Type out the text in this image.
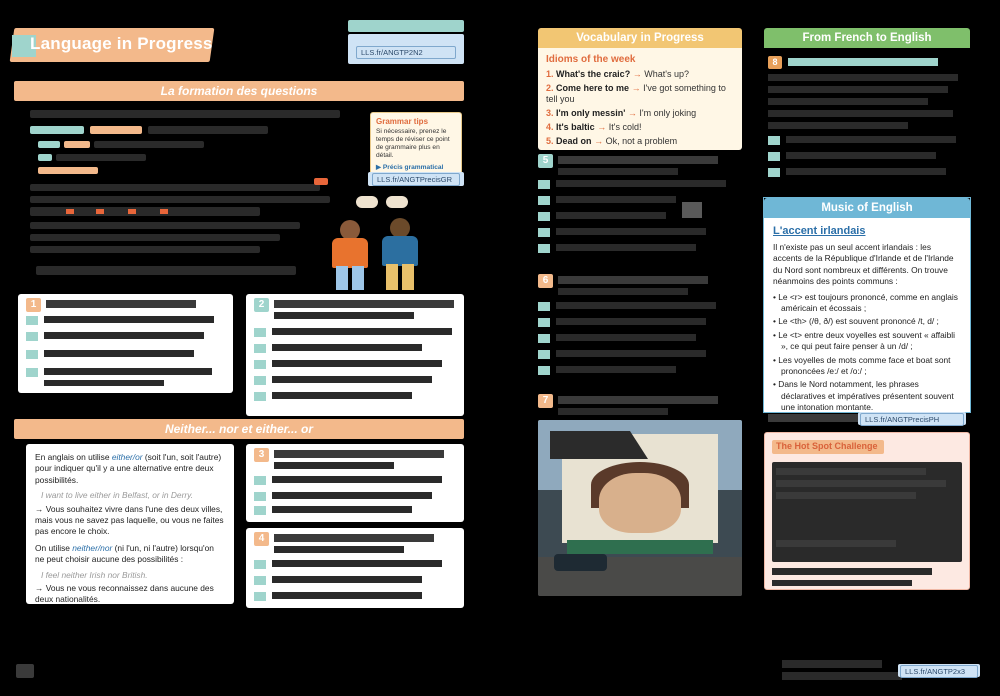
Language in Progress	LLS.fr/ANGTP2N2
La formation des questions
Grammar tips
Si nécessaire, prenez le temps de réviser ce point de grammaire plus en détail.
▶ Précis grammatical
LLS.fr/ANGTPrecisGR
1	2
Neither... nor et either... or
En anglais on utilise either/or (soit l'un, soit l'autre) pour indiquer qu'il y a une alternative entre deux possibilités.
I want to live either in Belfast, or in Derry.
→ Vous souhaitez vivre dans l'une des deux villes, mais vous ne savez pas laquelle, ou vous ne faites pas encore le choix.
On utilise neither/nor (ni l'un, ni l'autre) lorsqu'on ne peut choisir aucune des possibilités :
I feel neither Irish nor British.
→ Vous ne vous reconnaissez dans aucune des deux nationalités.
3
4
Vocabulary in Progress
Idioms of the week
1. What's the craic? → What's up?
2. Come here to me → I've got something to tell you
3. I'm only messin' → I'm only joking
4. It's baltic → It's cold!
5. Dead on → Ok, not a problem
5
6
7
From French to English
8
Music of English
L'accent irlandais
Il n'existe pas un seul accent irlandais : les accents de la République d'Irlande et de l'Irlande du Nord sont nombreux et différents. On trouve néanmoins des points communs :
• Le <r> est toujours prononcé, comme en anglais américain et écossais ;
• Le <th> (/θ, ð/) est souvent prononcé /t, d/ ;
• Le <t> entre deux voyelles est souvent « affaibli », ce qui peut faire penser à un /d/ ;
• Les voyelles de mots comme face et boat sont prononcées /e:/ et /o:/ ;
• Dans le Nord notamment, les phrases déclaratives et impératives présentent souvent une intonation montante.
LLS.fr/ANGTPrecisPH
The Hot Spot Challenge
LLS.fr/ANGTP2x3
